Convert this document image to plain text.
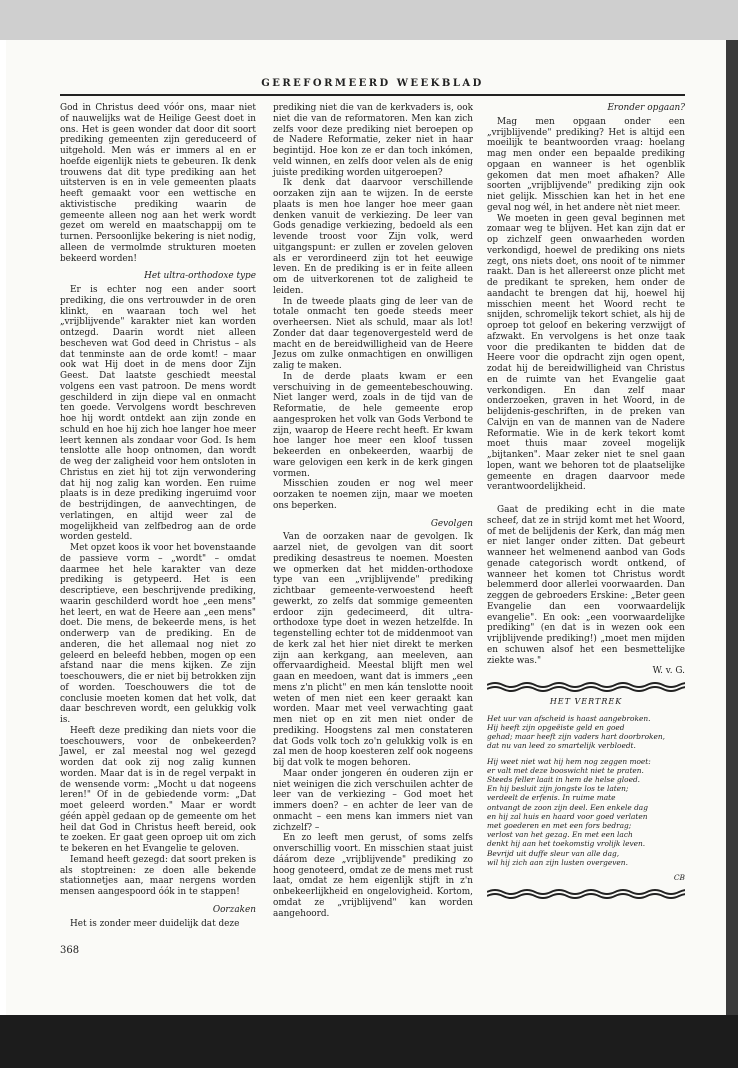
GEREFORMEERD WEEKBLAD

God in Christus deed vóór ons, maar niet of nauwelijks wat de Heilige Geest doet in ons. Het is geen wonder dat door dit soort prediking gemeenten zijn gereduceerd of uitgehold. Men wás er immers al en er hoefde eigenlijk niets te gebeuren. Ik denk trouwens dat dit type prediking aan het uitsterven is en in vele gemeenten plaats heeft gemaakt voor een wettische en aktivistische prediking waarin de gemeente alleen nog aan het werk wordt gezet om wereld en maatschappij om te turnen. Persoonlijke bekering is niet nodig, alleen de vermolmde strukturen moeten bekeerd worden!

Het ultra-orthodoxe type

Er is echter nog een ander soort prediking, die ons vertrouwder in de oren klinkt, en waaraan toch wel het „vrijblijvende" karakter niet kan worden ontzegd. Daarin wordt niet alleen bescheven wat God deed in Christus – als dat tenminste aan de orde komt! – maar ook wat Hij doet in de mens door Zijn Geest. Dat laatste geschiedt meestal volgens een vast patroon. De mens wordt geschilderd in zijn diepe val en onmacht ten goede. Vervolgens wordt beschreven hoe hij wordt ontdekt aan zijn zonde en schuld en hoe hij zich hoe langer hoe meer leert kennen als zondaar voor God. Is hem tenslotte alle hoop ontnomen, dan wordt de weg der zaligheid voor hem ontsloten in Christus en ziet hij tot zijn verwondering dat hij nog zalig kan worden. Een ruime plaats is in deze prediking ingeruimd voor de bestrijdingen, de aanvechtingen, de verlatingen, en altijd weer zal de mogelijkheid van zelfbedrog aan de orde worden gesteld.

Met opzet koos ik voor het bovenstaande de passieve vorm – „wordt" – omdat daarmee het hele karakter van deze prediking is getypeerd. Het is een descriptieve, een beschrijvende prediking, waarin geschilderd wordt hoe „een mens" het leert, en wat de Heere aan „een mens" doet. Die mens, de bekeerde mens, is het onderwerp van de prediking. En de anderen, die het allemaal nog niet zo geleerd en beleefd hebben, mogen op een afstand naar die mens kijken. Ze zijn toeschouwers, die er niet bij betrokken zijn of worden. Toeschouwers die tot de conclusie moeten komen dat het volk, dat daar beschreven wordt, een gelukkig volk is.

Heeft deze prediking dan niets voor die toeschouwers, voor de onbekeerden? Jawel, er zal meestal nog wel gezegd worden dat ook zij nog zalig kunnen worden. Maar dat is in de regel verpakt in de wensende vorm: „Mocht u dat nogeens leren!" Of in de gebiedende vorm: „Dat moet geleerd worden." Maar er wordt géén appèl gedaan op de gemeente om het heil dat God in Christus heeft bereid, ook te zoeken. Er gaat geen oproep uit om zich te bekeren en het Evangelie te geloven.

Iemand heeft gezegd: dat soort preken is als stoptreinen: ze doen alle bekende stationnetjes aan, maar nergens worden mensen aangespoord óók in te stappen!

Oorzaken

Het is zonder meer duidelijk dat deze

prediking niet die van de kerkvaders is, ook niet die van de reformatoren. Men kan zich zelfs voor deze prediking niet beroepen op de Nadere Reformatie, zeker niet in haar begintijd. Hoe kon ze er dan toch inkómen, veld winnen, en zelfs door velen als de enig juiste prediking worden uitgeroepen?

Ik denk dat daarvoor verschillende oorzaken zijn aan te wijzen. In de eerste plaats is men hoe langer hoe meer gaan denken vanuit de verkiezing. De leer van Gods genadige verkiezing, bedoeld als een levende troost voor Zijn volk, werd uitgangspunt: er zullen er zovelen geloven als er verordineerd zijn tot het eeuwige leven. En de prediking is er in feite alleen om de uitverkorenen tot de zaligheid te leiden.

In de tweede plaats ging de leer van de totale onmacht ten goede steeds meer overheersen. Niet als schuld, maar als lot! Zonder dat daar tegenovergesteld werd de macht en de bereidwilligheid van de Heere Jezus om zulke onmachtigen en onwilligen zalig te maken.

In de derde plaats kwam er een verschuiving in de gemeentebeschouwing. Niet langer werd, zoals in de tijd van de Reformatie, de hele gemeente erop aangesproken het volk van Gods Verbond te zijn, waarop de Heere recht heeft. Er kwam hoe langer hoe meer een kloof tussen bekeerden en onbekeerden, waarbij de ware gelovigen een kerk in de kerk gingen vormen.

Misschien zouden er nog wel meer oorzaken te noemen zijn, maar we moeten ons beperken.

Gevolgen

Van de oorzaken naar de gevolgen. Ik aarzel niet, de gevolgen van dit soort prediking desastreus te noemen. Moesten we opmerken dat het midden-orthodoxe type van een „vrijblijvende" prediking zichtbaar gemeente-verwoestend heeft gewerkt, zo zelfs dat sommige gemeenten erdoor zijn gedecimeerd, dit ultra-orthodoxe type doet in wezen hetzelfde. In tegenstelling echter tot de middenmoot van de kerk zal het hier niet direkt te merken zijn aan kerkgang, aan meeleven, aan offervaardigheid. Meestal blijft men wel gaan en meedoen, want dat is immers „een mens z'n plicht" en men kán tenslotte nooit weten of men niet een keer geraakt kan worden. Maar met veel verwachting gaat men niet op en zit men niet onder de prediking. Hoogstens zal men constateren dat Gods volk toch zo'n gelukkig volk is en zal men de hoop koesteren zelf ook nogeens bij dat volk te mogen behoren.

Maar onder jongeren én ouderen zijn er niet weinigen die zich verschuilen achter de leer van de verkiezing – God moet het immers doen? – en achter de leer van de onmacht – een mens kan immers niet van zichzelf? –

En zo leeft men gerust, of soms zelfs onverschillig voort. En misschien staat juist dáárom deze „vrijblijvende" prediking zo hoog genoteerd, omdat ze de mens met rust laat, omdat ze hem eigenlijk stijft in z'n onbekeerlijkheid en ongelovigheid. Kortom, omdat ze „vrijblijvend" kan worden aangehoord.

Eronder opgaan?

Mag men opgaan onder een „vrijblijvende" prediking? Het is altijd een moeilijk te beantwoorden vraag: hoelang mag men onder een bepaalde prediking opgaan en wanneer is het ogenblik gekomen dat men moet afhaken? Alle soorten „vrijblijvende" prediking zijn ook niet gelijk. Misschien kan het in het ene geval nog wél, in het andere nèt niet meer.

We moeten in geen geval beginnen met zomaar weg te blijven. Het kan zijn dat er op zichzelf geen onwaarheden worden verkondigd, hoewel de prediking ons niets zegt, ons niets doet, ons nooit of te nimmer raakt. Dan is het allereerst onze plicht met de predikant te spreken, hem onder de aandacht te brengen dat hij, hoewel hij misschien meent het Woord recht te snijden, schromelijk tekort schiet, als hij de oproep tot geloof en bekering verzwijgt of afzwakt. En vervolgens is het onze taak voor die predikanten te bidden dat de Heere voor die opdracht zijn ogen opent, zodat hij de bereidwilligheid van Christus en de ruimte van het Evangelie gaat verkondigen. En dan zelf maar onderzoeken, graven in het Woord, in de belijdenis-geschriften, in de preken van Calvijn en van de mannen van de Nadere Reformatie. Wie in de kerk tekort komt moet thuis maar zoveel mogelijk „bijtanken". Maar zeker niet te snel gaan lopen, want we behoren tot de plaatselijke gemeente en dragen daarvoor mede verantwoordelijkheid.

Gaat de prediking echt in die mate scheef, dat ze in strijd komt met het Woord, of met de belijdenis der Kerk, dan mág men er niet langer onder zitten. Dat gebeurt wanneer het welmenend aanbod van Gods genade categorisch wordt ontkend, of wanneer het komen tot Christus wordt belemmerd door allerlei voorwaarden. Dan zeggen de gebroeders Erskine: „Beter geen Evangelie dan een voorwaardelijk evangelie". En ook: „een voorwaardelijke prediking" (en dat is in wezen ook een vrijblijvende prediking!) „moet men mijden en schuwen alsof het een besmettelijke ziekte was."

W. v. G.
HET VERTREK
Het uur van afscheid is haast aangebroken.
Hij heeft zijn opgeëiste geld en goed
gehad; maar heeft zijn vaders hart doorbroken,
dat nu van leed zo smartelijk verbloedt.
Hij weet niet wat hij hem nog zeggen moet:
er valt met deze booswicht niet te praten.
Steeds feller laait in hem de helse gloed.
En hij besluit zijn jongste los te laten;
verdeelt de erfenis. In ruime mate
ontvangt de zoon zijn deel. Een enkele dag
en hij zal huis en haard voor goed verlaten
met goederen en met een fors bedrag;
verlost van het gezag. En met een lach
denkt hij aan het toekomstig vrolijk leven.
Bevrijd uit duffe sleur van alle dag,
wil hij zich aan zijn lusten overgeven.
CB
368
